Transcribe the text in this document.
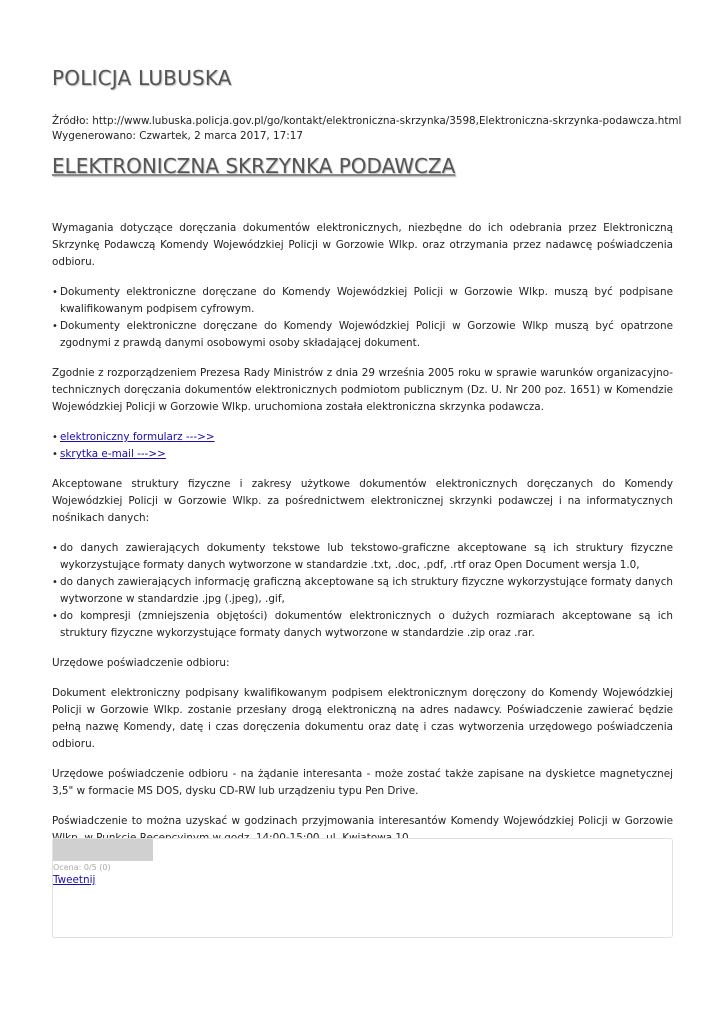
POLICJA LUBUSKA
Źródło: http://www.lubuska.policja.gov.pl/go/kontakt/elektroniczna-skrzynka/3598,Elektroniczna-skrzynka-podawcza.html
Wygenerowano: Czwartek, 2 marca 2017, 17:17
ELEKTRONICZNA SKRZYNKA PODAWCZA

Wymagania dotyczące doręczania dokumentów elektronicznych, niezbędne do ich odebrania przez Elektroniczną Skrzynkę Podawczą Komendy Wojewódzkiej Policji w Gorzowie Wlkp. oraz otrzymania przez nadawcę poświadczenia odbioru.

• Dokumenty elektroniczne doręczane do Komendy Wojewódzkiej Policji w Gorzowie Wlkp. muszą być podpisane kwalifikowanym podpisem cyfrowym.
• Dokumenty elektroniczne doręczane do Komendy Wojewódzkiej Policji w Gorzowie Wlkp muszą być opatrzone zgodnymi z prawdą danymi osobowymi osoby składającej dokument.

Zgodnie z rozporządzeniem Prezesa Rady Ministrów z dnia 29 września 2005 roku w sprawie warunków organizacyjno-technicznych doręczania dokumentów elektronicznych podmiotom publicznym (Dz. U. Nr 200 poz. 1651) w Komendzie Wojewódzkiej Policji w Gorzowie Wlkp. uruchomiona została elektroniczna skrzynka podawcza.

• elektroniczny formularz --->>
• skrytka e-mail --->>

Akceptowane struktury fizyczne i zakresy użytkowe dokumentów elektronicznych doręczanych do Komendy Wojewódzkiej Policji w Gorzowie Wlkp. za pośrednictwem elektronicznej skrzynki podawczej i na informatycznych nośnikach danych:

• do danych zawierających dokumenty tekstowe lub tekstowo-graficzne akceptowane są ich struktury fizyczne wykorzystujące formaty danych wytworzone w standardzie .txt, .doc, .pdf, .rtf oraz Open Document wersja 1.0,
• do danych zawierających informację graficzną akceptowane są ich struktury fizyczne wykorzystujące formaty danych wytworzone w standardzie .jpg (.jpeg), .gif,
• do kompresji (zmniejszenia objętości) dokumentów elektronicznych o dużych rozmiarach akceptowane są ich struktury fizyczne wykorzystujące formaty danych wytworzone w standardzie .zip oraz .rar.

Urzędowe poświadczenie odbioru:

Dokument elektroniczny podpisany kwalifikowanym podpisem elektronicznym doręczony do Komendy Wojewódzkiej Policji w Gorzowie Wlkp. zostanie przesłany drogą elektroniczną na adres nadawcy. Poświadczenie zawierać będzie pełną nazwę Komendy, datę i czas doręczenia dokumentu oraz datę i czas wytworzenia urzędowego poświadczenia odbioru.

Urzędowe poświadczenie odbioru - na żądanie interesanta - może zostać także zapisane na dyskietce magnetycznej 3,5" w formacie MS DOS, dysku CD-RW lub urządzeniu typu Pen Drive.

Poświadczenie to można uzyskać w godzinach przyjmowania interesantów Komendy Wojewódzkiej Policji w Gorzowie

Ocena: 0/5 (0)
Tweetnij
